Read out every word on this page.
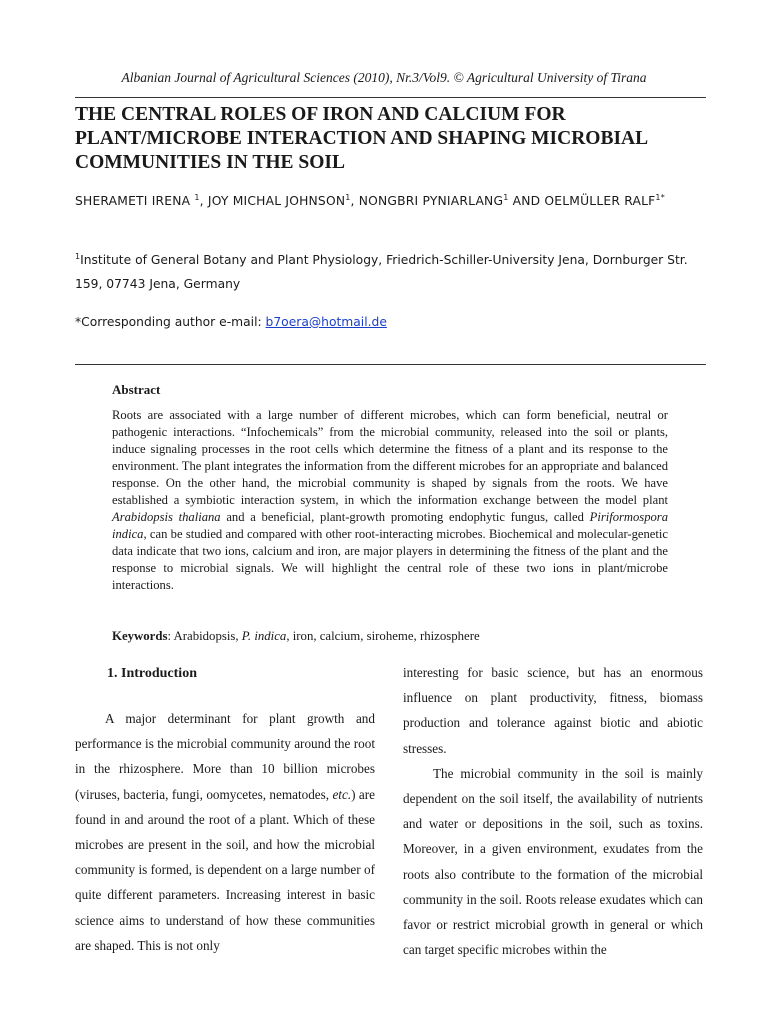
Albanian Journal of Agricultural Sciences (2010), Nr.3/Vol9. © Agricultural University of Tirana
THE CENTRAL ROLES OF IRON AND CALCIUM FOR PLANT/MICROBE INTERACTION AND SHAPING MICROBIAL COMMUNITIES IN THE SOIL
SHERAMETI IRENA $^1$, JOY MICHAL JOHNSON$^1$, NONGBRI PYNIARLANG$^1$ AND OELMÜLLER $RALF^{1*}$
$^1$Institute of General Botany and Plant Physiology, Friedrich-Schiller-University Jena, Dornburger Str. 159, 07743 Jena, Germany
*Corresponding author e-mail: b7oera@hotmail.de
Abstract

Roots are associated with a large number of different microbes, which can form beneficial, neutral or pathogenic interactions. “Infochemicals” from the microbial community, released into the soil or plants, induce signaling processes in the root cells which determine the fitness of a plant and its response to the environment. The plant integrates the information from the different microbes for an appropriate and balanced response. On the other hand, the microbial community is shaped by signals from the roots. We have established a symbiotic interaction system, in which the information exchange between the model plant Arabidopsis thaliana and a beneficial, plant-growth promoting endophytic fungus, called Piriformospora indica, can be studied and compared with other root-interacting microbes. Biochemical and molecular-genetic data indicate that two ions, calcium and iron, are major players in determining the fitness of the plant and the response to microbial signals. We will highlight the central role of these two ions in plant/microbe interactions.

Keywords: Arabidopsis, P. indica, iron, calcium, siroheme, rhizosphere
1. Introduction

A major determinant for plant growth and performance is the microbial community around the root in the rhizosphere. More than 10 billion microbes (viruses, bacteria, fungi, oomycetes, nematodes, etc.) are found in and around the root of a plant. Which of these microbes are present in the soil, and how the microbial community is formed, is dependent on a large number of quite different parameters. Increasing interest in basic science aims to understand of how these communities are shaped. This is not only

interesting for basic science, but has an enormous influence on plant productivity, fitness, biomass production and tolerance against biotic and abiotic stresses.

The microbial community in the soil is mainly dependent on the soil itself, the availability of nutrients and water or depositions in the soil, such as toxins. Moreover, in a given environment, exudates from the roots also contribute to the formation of the microbial community in the soil. Roots release exudates which can favor or restrict microbial growth in general or which can target specific microbes within the
